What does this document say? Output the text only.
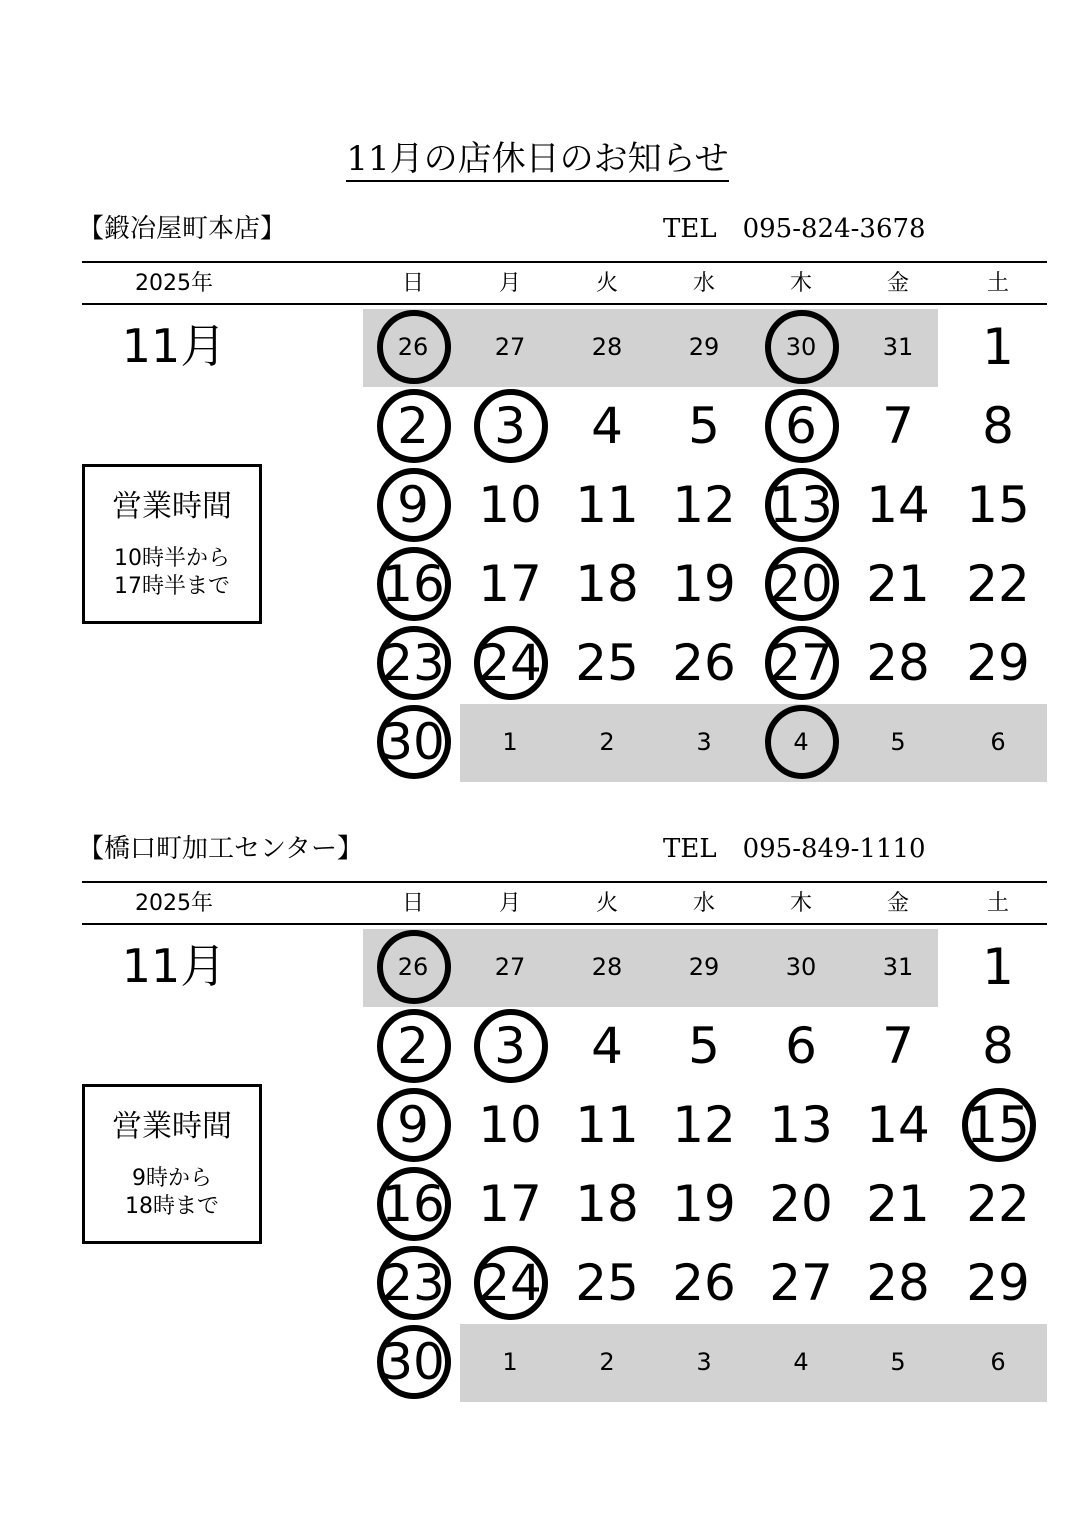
11月の店休日のお知らせ
【鍛冶屋町本店】	TEL　095-824-3678
2025年	日	月	火	水	木	金	土
11月	26	27	28	29	30	31	1
2	3	4	5	6	7	8
9 10 11 12 13 14 15
16 17 18 19 20 21 22
23 24 25 26 27 28 29
30	1	2	3	4	5	6
営業時間
10時半から
17時半まで
【橋口町加工センター】	TEL　095-849-1110
2025年	日	月	火	水	木	金	土
11月	26	27	28	29	30	31	1
2	3	4	5	6	7	8
9 10 11 12 13 14 15
16 17 18 19 20 21 22
23 24 25 26 27 28 29
30	1	2	3	4	5	6
営業時間
9時から
18時まで
